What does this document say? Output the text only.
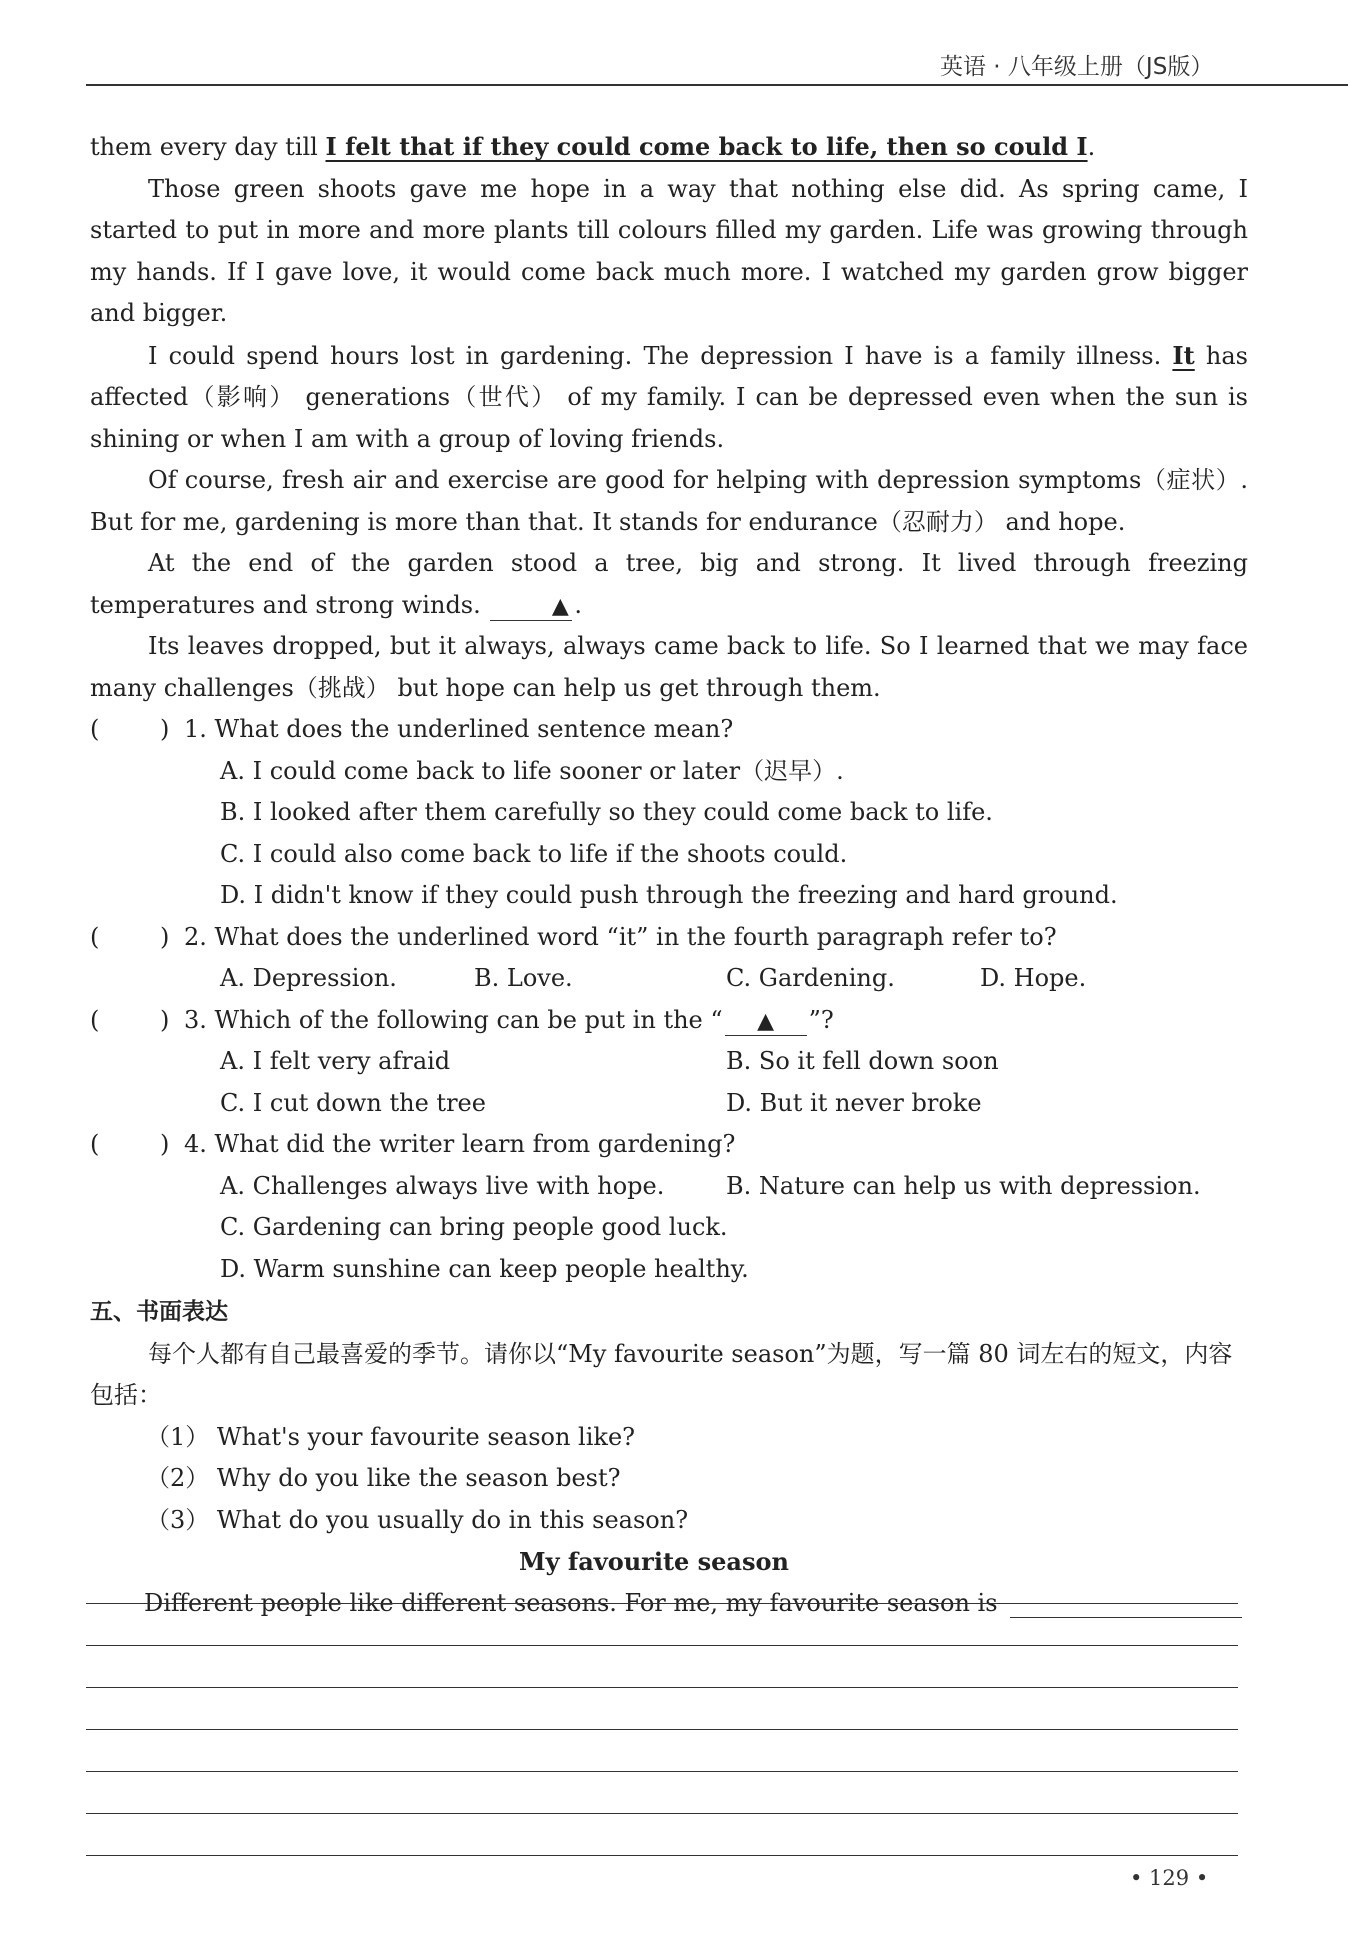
英语 · 八年级上册（JS版）

them every day till I felt that if they could come back to life, then so could I.

Those green shoots gave me hope in a way that nothing else did. As spring came, I started to put in more and more plants till colours filled my garden. Life was growing through my hands. If I gave love, it would come back much more. I watched my garden grow bigger and bigger.

I could spend hours lost in gardening. The depression I have is a family illness. It has affected（影响） generations（世代） of my family. I can be depressed even when the sun is shining or when I am with a group of loving friends.

Of course, fresh air and exercise are good for helping with depression symptoms（症状）. But for me, gardening is more than that. It stands for endurance（忍耐力） and hope.

At the end of the garden stood a tree, big and strong. It lived through freezing temperatures and strong winds.	▲ .

Its leaves dropped, but it always, always came back to life. So I learned that we may face many challenges（挑战） but hope can help us get through them.

(	) 1. What does the underlined sentence mean?
A. I could come back to life sooner or later（迟早）.
B. I looked after them carefully so they could come back to life.
C. I could also come back to life if the shoots could.
D. I didn't know if they could push through the freezing and hard ground.
(	) 2. What does the underlined word “it” in the fourth paragraph refer to?
A. Depression.	B. Love.	C. Gardening.	D. Hope.
(	) 3. Which of the following can be put in the “ ▲ ”?
A. I felt very afraid	B. So it fell down soon
C. I cut down the tree	D. But it never broke
(	) 4. What did the writer learn from gardening?
A. Challenges always live with hope.	B. Nature can help us with depression.
C. Gardening can bring people good luck.
D. Warm sunshine can keep people healthy.
五、书面表达

每个人都有自己最喜爱的季节。请你以“My favourite season”为题，写一篇 80 词左右的短文，内容包括：

（1） What's your favourite season like?
（2） Why do you like the season best?
（3） What do you usually do in this season?
My favourite season
Different people like different seasons. For me, my favourite season is
• 129 •
